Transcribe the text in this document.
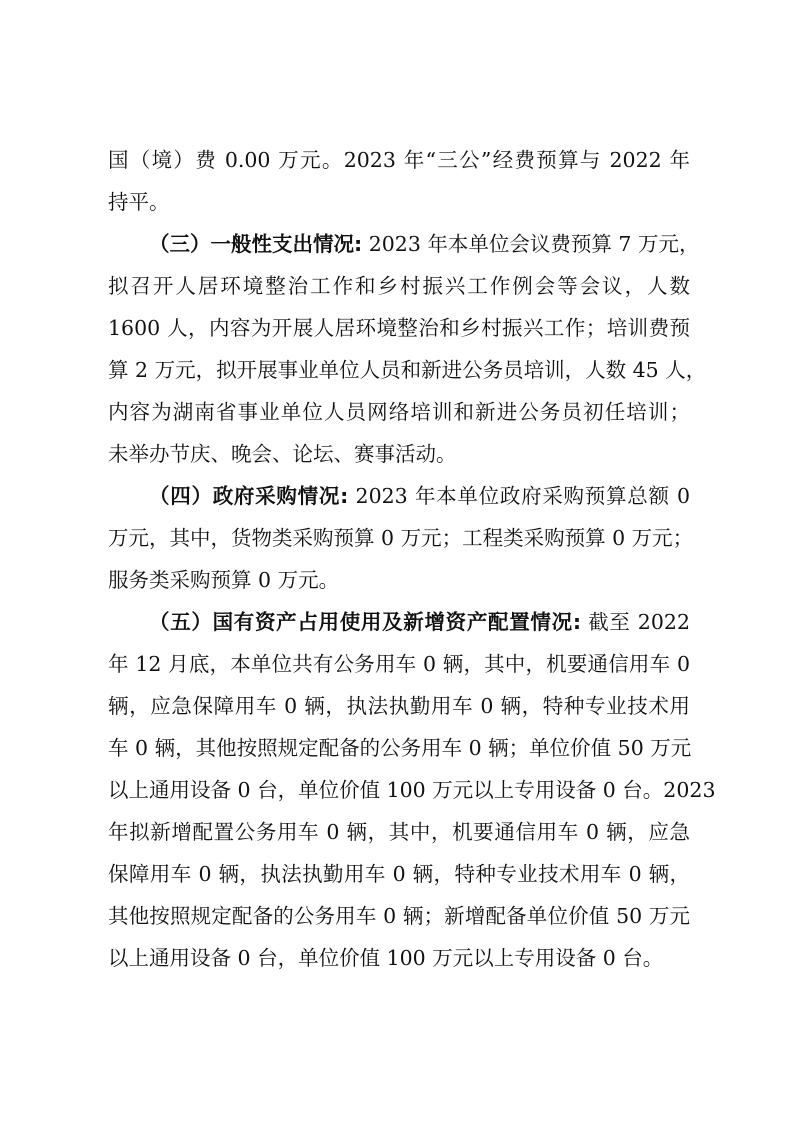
国（境）费 0.00 万元。2023 年“三公”经费预算与 2022 年
持平。
（三）一般性支出情况: 2023 年本单位会议费预算 7 万元，
拟召开人居环境整治工作和乡村振兴工作例会等会议，人数
1600 人，内容为开展人居环境整治和乡村振兴工作；培训费预
算 2 万元，拟开展事业单位人员和新进公务员培训，人数 45 人，
内容为湖南省事业单位人员网络培训和新进公务员初任培训；
未举办节庆、晚会、论坛、赛事活动。
（四）政府采购情况: 2023 年本单位政府采购预算总额 0
万元，其中，货物类采购预算 0 万元；工程类采购预算 0 万元；
服务类采购预算 0 万元。
（五）国有资产占用使用及新增资产配置情况: 截至 2022
年 12 月底，本单位共有公务用车 0 辆，其中，机要通信用车 0
辆，应急保障用车 0 辆，执法执勤用车 0 辆，特种专业技术用
车 0 辆，其他按照规定配备的公务用车 0 辆；单位价值 50 万元
以上通用设备 0 台，单位价值 100 万元以上专用设备 0 台。2023
年拟新增配置公务用车 0 辆，其中，机要通信用车 0 辆，应急
保障用车 0 辆，执法执勤用车 0 辆，特种专业技术用车 0 辆，
其他按照规定配备的公务用车 0 辆；新增配备单位价值 50 万元
以上通用设备 0 台，单位价值 100 万元以上专用设备 0 台。
